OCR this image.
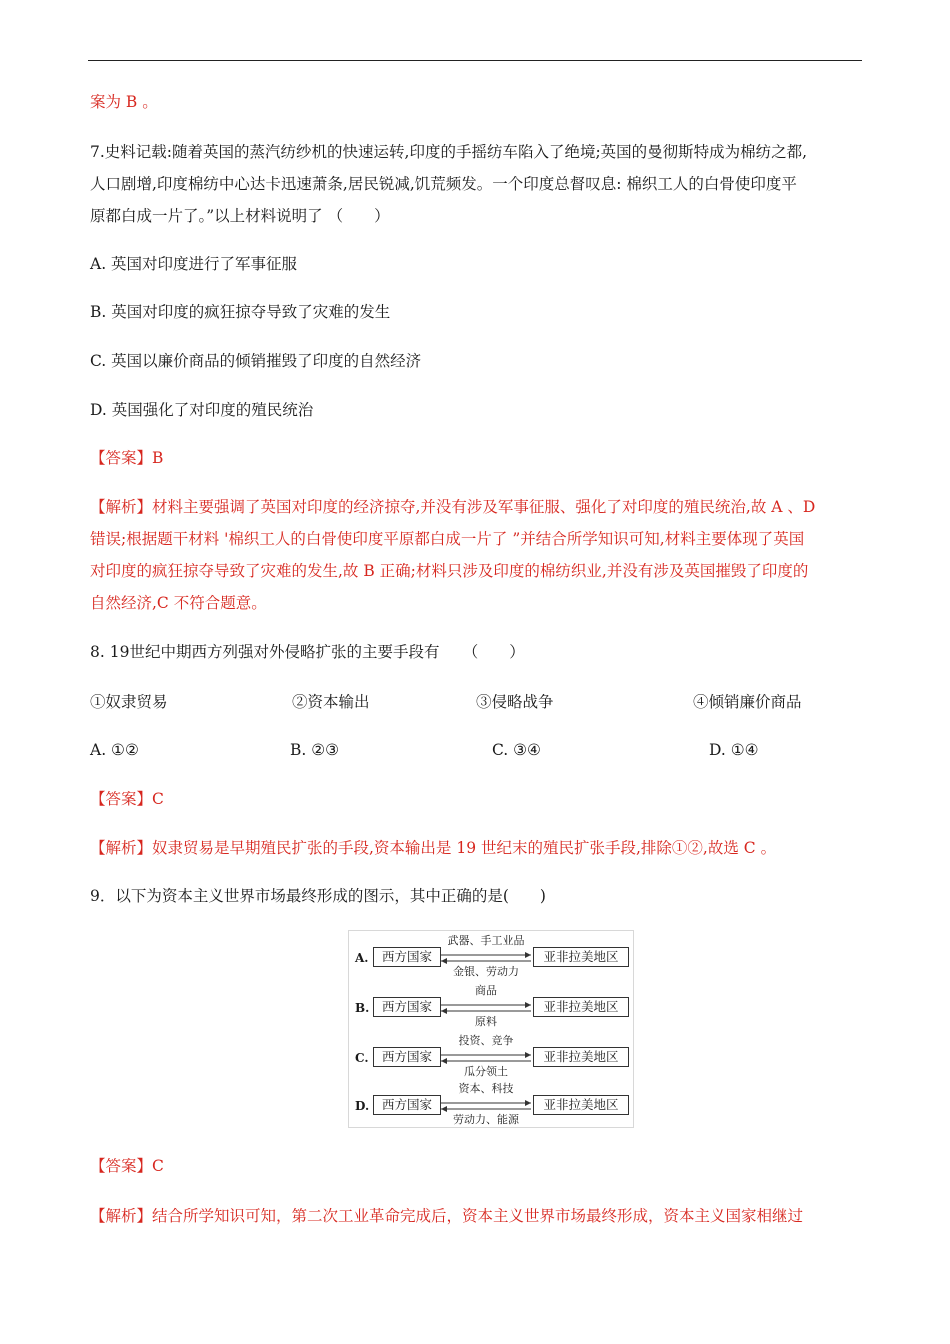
案为 B 。

7.史料记载:随着英国的蒸汽纺纱机的快速运转,印度的手摇纺车陷入了绝境;英国的曼彻斯特成为棉纺之都,

人口剧增,印度棉纺中心达卡迅速萧条,居民锐减,饥荒频发。一个印度总督叹息: 棉织工人的白骨使印度平

原都白成一片了。”以上材料说明了 （　　）

A. 英国对印度进行了军事征服

B. 英国对印度的疯狂掠夺导致了灾难的发生

C. 英国以廉价商品的倾销摧毁了印度的自然经济

D. 英国强化了对印度的殖民统治

【答案】B

【解析】材料主要强调了英国对印度的经济掠夺,并没有涉及军事征服、强化了对印度的殖民统治,故 A 、D

错误;根据题干材料 '棉织工人的白骨使印度平原都白成一片了 ”并结合所学知识可知,材料主要体现了英国

对印度的疯狂掠夺导致了灾难的发生,故 B 正确;材料只涉及印度的棉纺织业,并没有涉及英国摧毁了印度的

自然经济,C 不符合题意。

8. 19世纪中期西方列强对外侵略扩张的主要手段有　　（　　）

①奴隶贸易	②资本输出	③侵略战争	④倾销廉价商品
A. ①②	B. ②③	C. ③④	D. ①④

【答案】C

【解析】奴隶贸易是早期殖民扩张的手段,资本输出是 19 世纪末的殖民扩张手段,排除①②,故选 C 。

9．以下为资本主义世界市场最终形成的图示，其中正确的是(　　)

A.	西方国家
武器、手工业品
金银、劳动力
亚非拉美地区
B.	西方国家
商品
原料
亚非拉美地区
C.	西方国家
投资、竞争
瓜分领土
亚非拉美地区
D.	西方国家
资本、科技
劳动力、能源
亚非拉美地区

【答案】C

【解析】结合所学知识可知，第二次工业革命完成后，资本主义世界市场最终形成，资本主义国家相继过
